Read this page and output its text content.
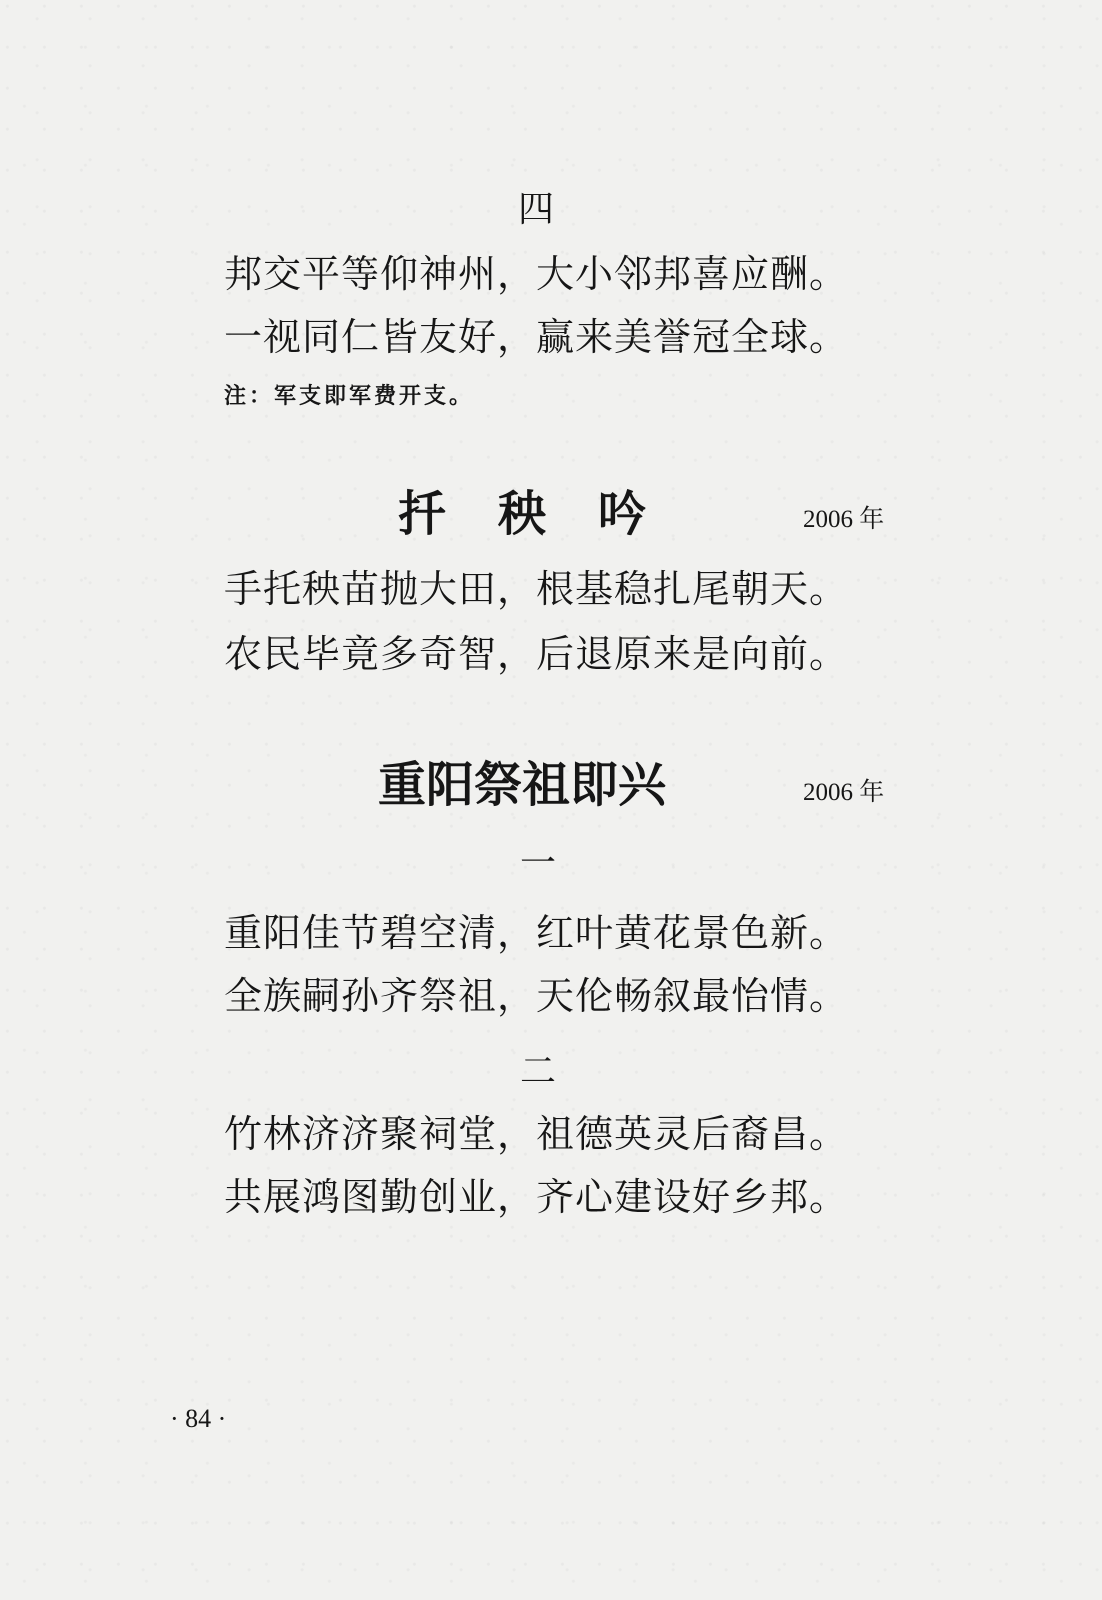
四
邦交平等仰神州，大小邻邦喜应酬。
一视同仁皆友好，赢来美誉冠全球。
注：军支即军费开支。
扦秧吟	2006 年
手托秧苗抛大田，根基稳扎尾朝天。
农民毕竟多奇智，后退原来是向前。
重阳祭祖即兴	2006 年
一
重阳佳节碧空清，红叶黄花景色新。
全族嗣孙齐祭祖，天伦畅叙最怡情。
二
竹林济济聚祠堂，祖德英灵后裔昌。
共展鸿图勤创业，齐心建设好乡邦。
· 84 ·
